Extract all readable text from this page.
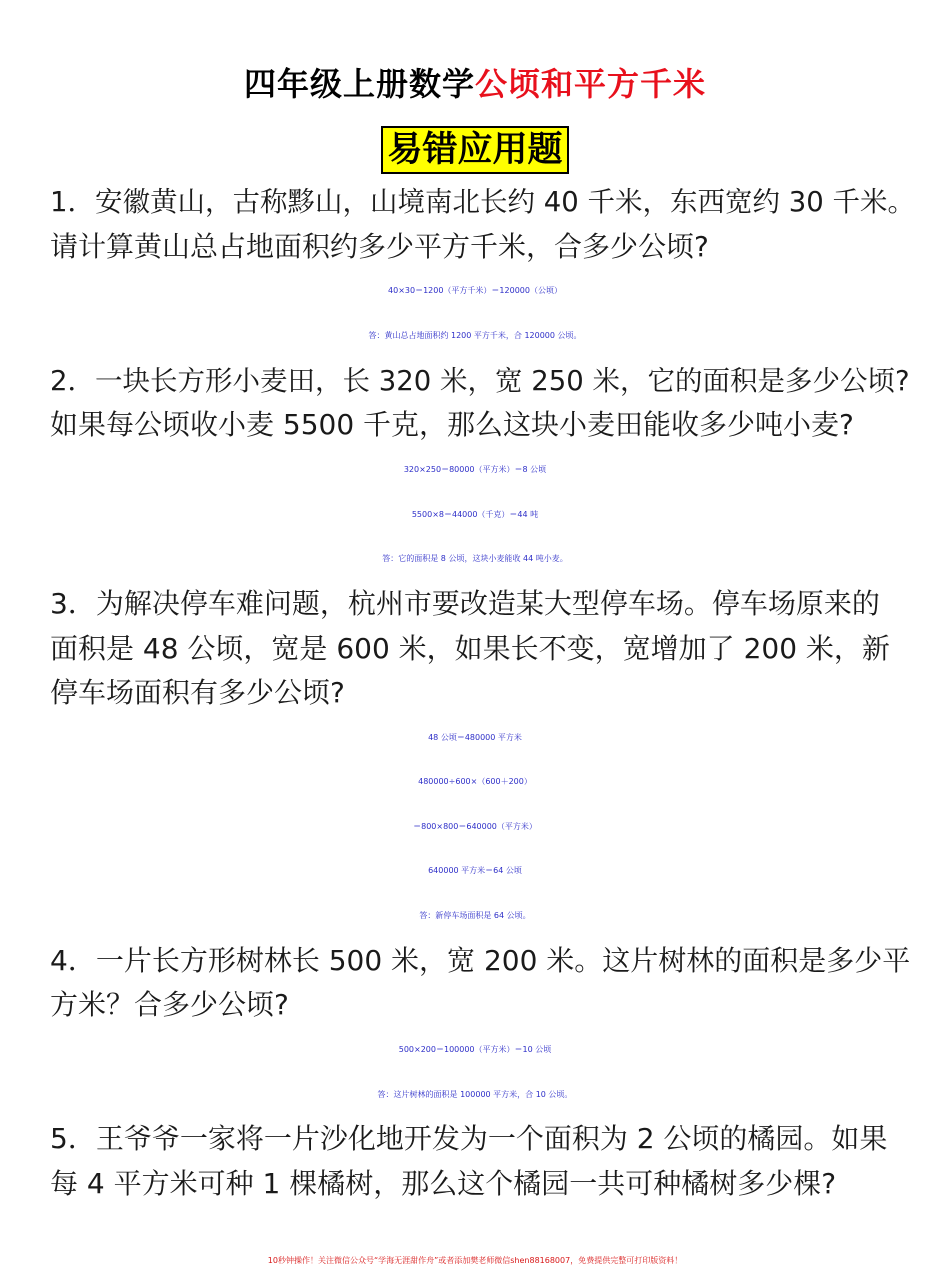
四年级上册数学公顷和平方千米
易错应用题
1．安徽黄山，古称黟山，山境南北长约 40 千米，东西宽约 30 千米。
请计算黄山总占地面积约多少平方千米，合多少公顷?
40×30＝1200（平方千米）＝120000（公顷）
答：黄山总占地面积约 1200 平方千米，合 120000 公顷。
2．一块长方形小麦田，长 320 米，宽 250 米，它的面积是多少公顷?
如果每公顷收小麦 5500 千克，那么这块小麦田能收多少吨小麦?
320×250＝80000（平方米）＝8 公顷
5500×8＝44000（千克）＝44 吨
答：它的面积是 8 公顷，这块小麦能收 44 吨小麦。
3．为解决停车难问题，杭州市要改造某大型停车场。停车场原来的
面积是 48 公顷，宽是 600 米，如果长不变，宽增加了 200 米，新
停车场面积有多少公顷?
48 公顷＝480000 平方米
480000÷600×（600＋200）
＝800×800＝640000（平方米）
640000 平方米＝64 公顷
答：新停车场面积是 64 公顷。
4．一片长方形树林长 500 米，宽 200 米。这片树林的面积是多少平
方米？合多少公顷?
500×200＝100000（平方米）＝10 公顷
答：这片树林的面积是 100000 平方米，合 10 公顷。
5．王爷爷一家将一片沙化地开发为一个面积为 2 公顷的橘园。如果
每 4 平方米可种 1 棵橘树，那么这个橘园一共可种橘树多少棵?
10秒钟操作！关注微信公众号“学海无涯甜作舟”或者添加樊老师微信shen88168007，免费提供完整可打印版资料！
